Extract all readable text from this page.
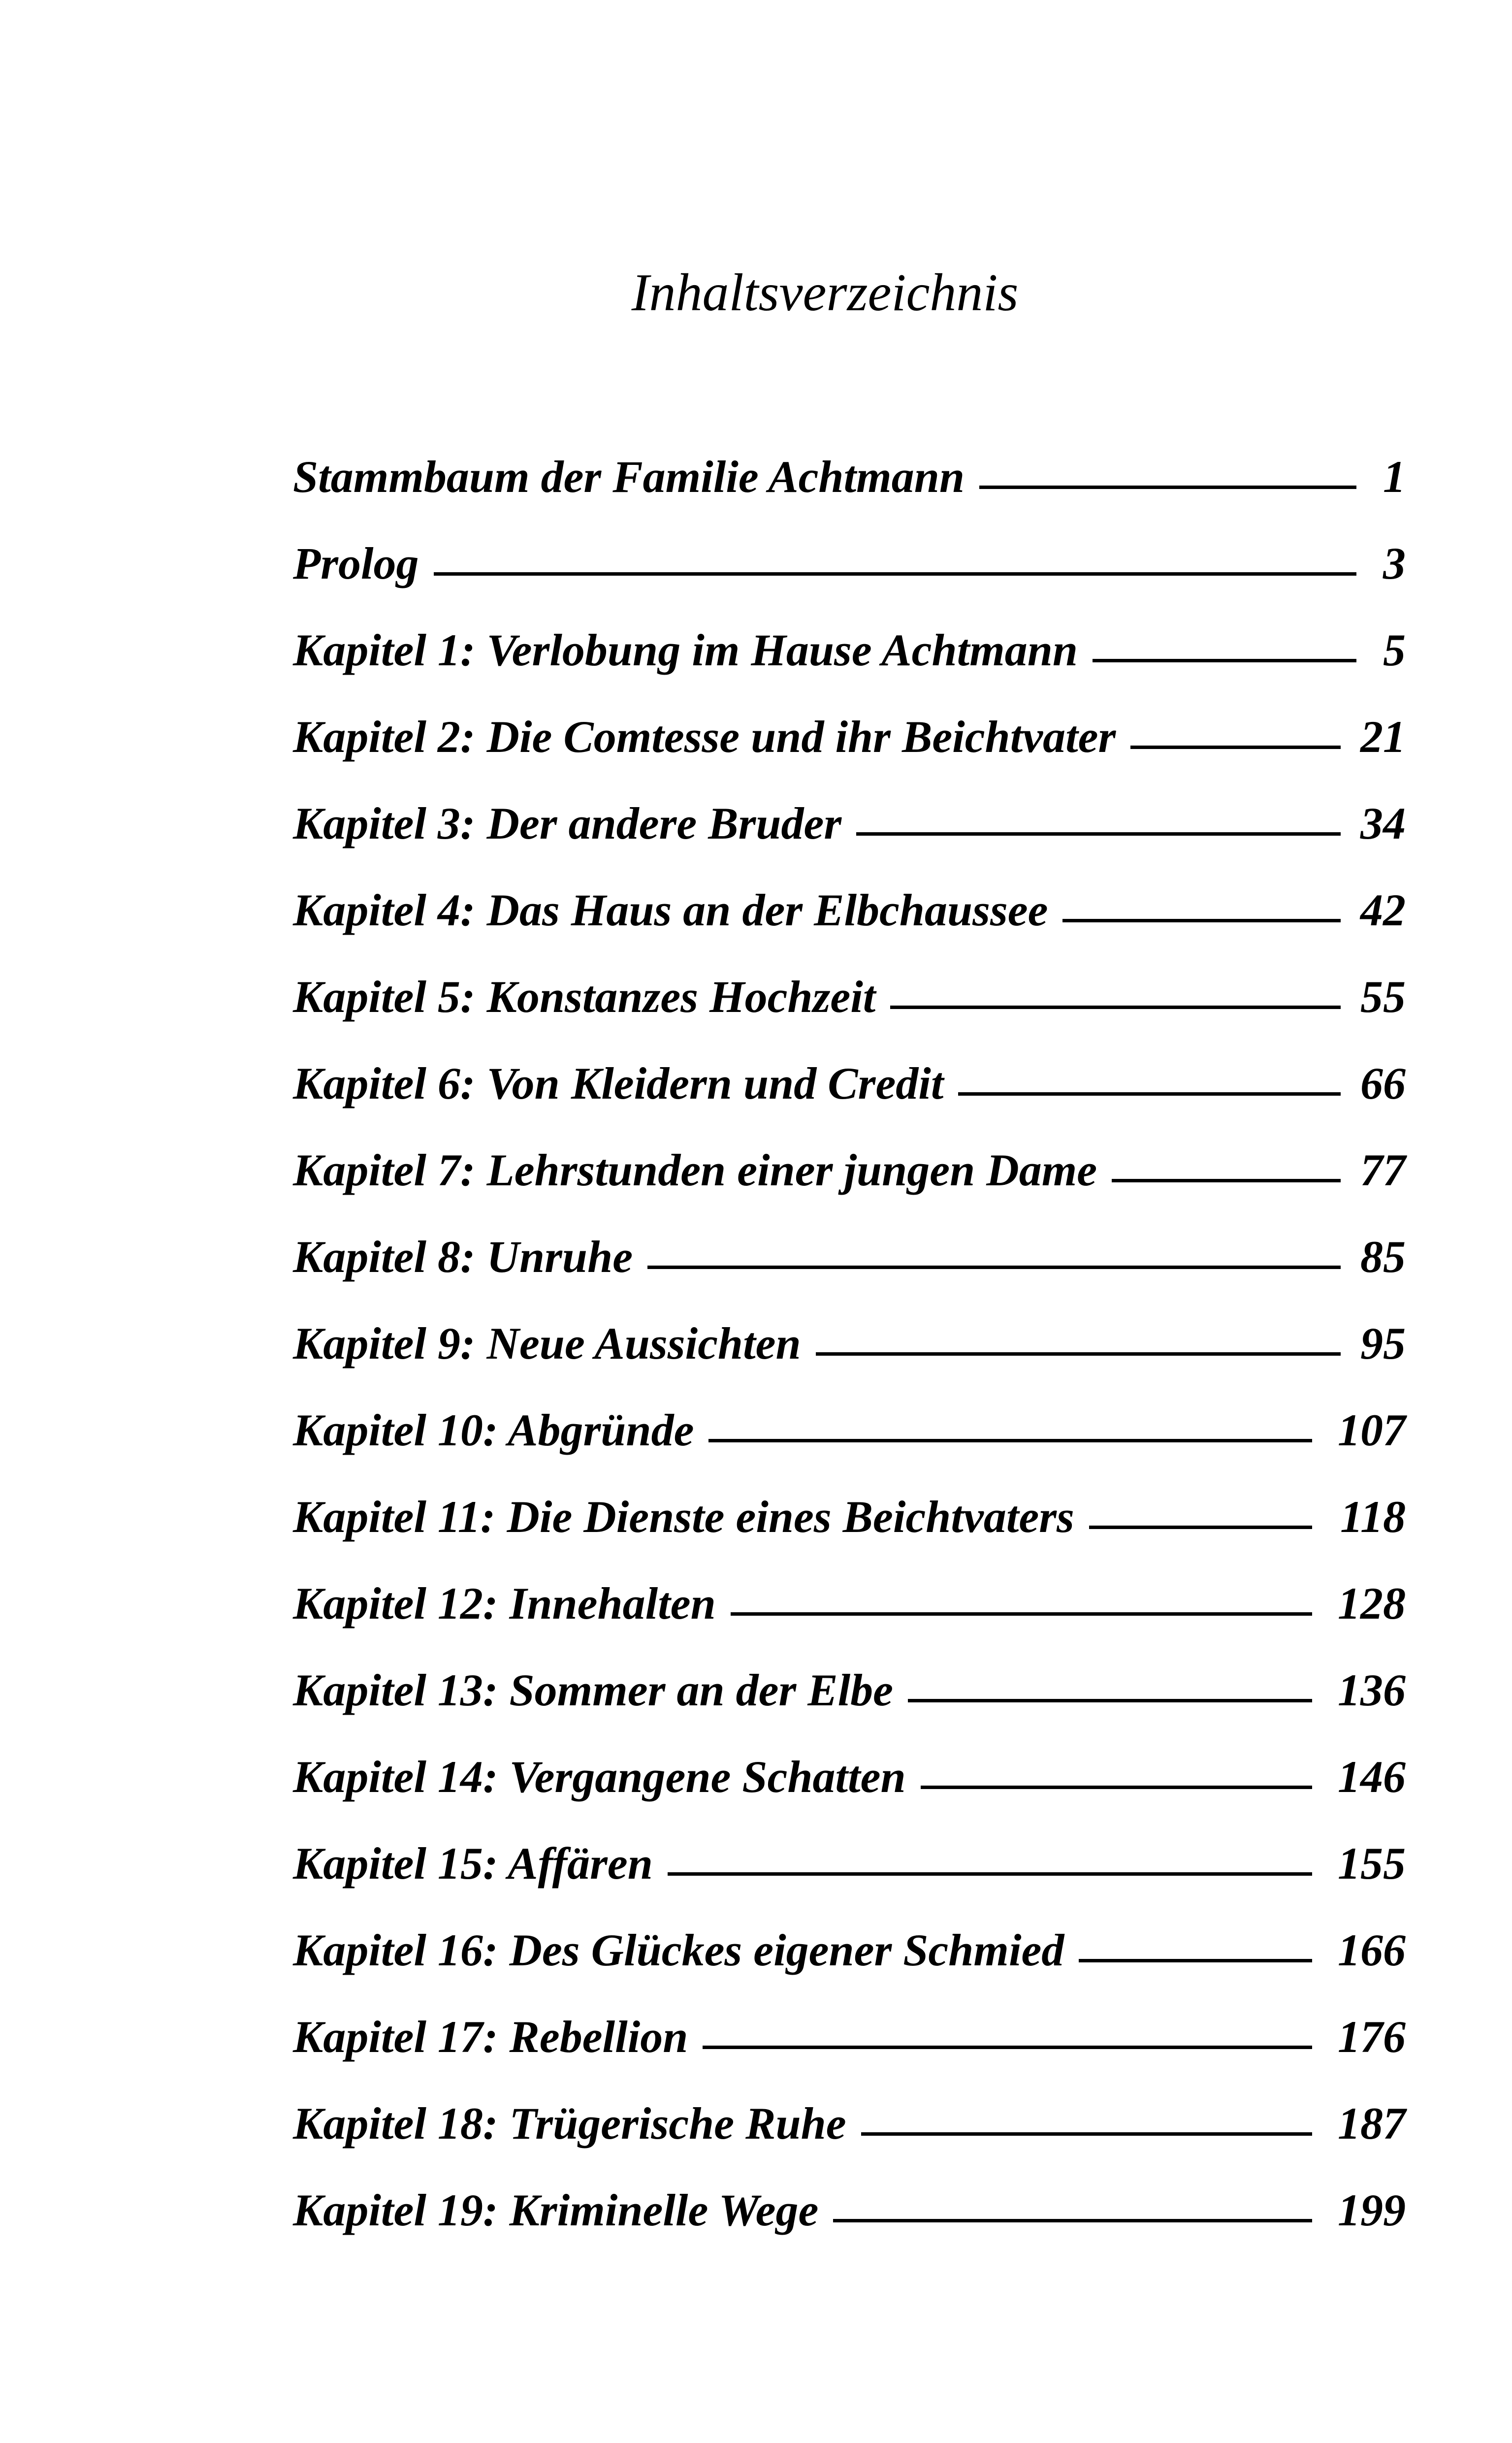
Inhaltsverzeichnis
Stammbaum der Familie Achtmann	1
Prolog	3
Kapitel 1: Verlobung im Hause Achtmann	5
Kapitel 2: Die Comtesse und ihr Beichtvater	21
Kapitel 3: Der andere Bruder	34
Kapitel 4: Das Haus an der Elbchaussee	42
Kapitel 5: Konstanzes Hochzeit	55
Kapitel 6: Von Kleidern und Credit	66
Kapitel 7: Lehrstunden einer jungen Dame	77
Kapitel 8: Unruhe	85
Kapitel 9: Neue Aussichten	95
Kapitel 10: Abgründe	107
Kapitel 11: Die Dienste eines Beichtvaters	118
Kapitel 12: Innehalten	128
Kapitel 13: Sommer an der Elbe	136
Kapitel 14: Vergangene Schatten	146
Kapitel 15: Affären	155
Kapitel 16: Des Glückes eigener Schmied	166
Kapitel 17: Rebellion	176
Kapitel 18: Trügerische Ruhe	187
Kapitel 19: Kriminelle Wege	199
